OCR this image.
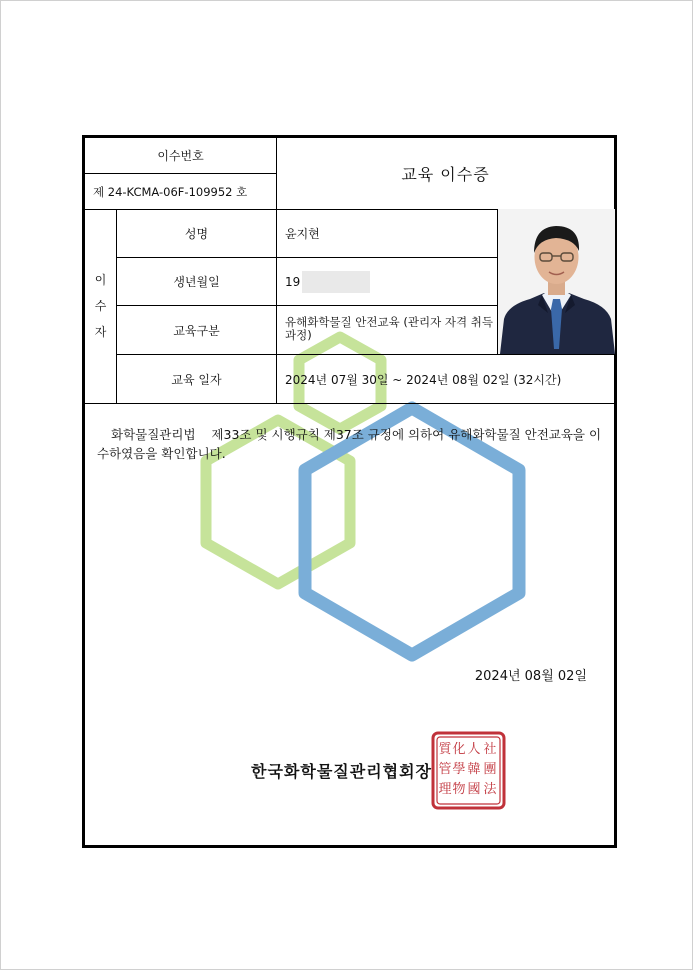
이수번호
제 24-KCMA-06F-109952 호
교육 이수증
이
수
자
성명
생년월일
교육구분
교육 일자
윤지현
19
유해화학물질 안전교육 (관리자 자격 취득과정)
2024년 07월 30일 ~ 2024년 08월 02일 (32시간)
화학물질관리법    제33조 및 시행규칙 제37조 규정에 의하여 유해화학물질 안전교육을 이수하였음을 확인합니다.
2024년 08월 02일
한국화학물질관리협회장
社
團
法
人
韓
國
化
學
物
質
管
理
